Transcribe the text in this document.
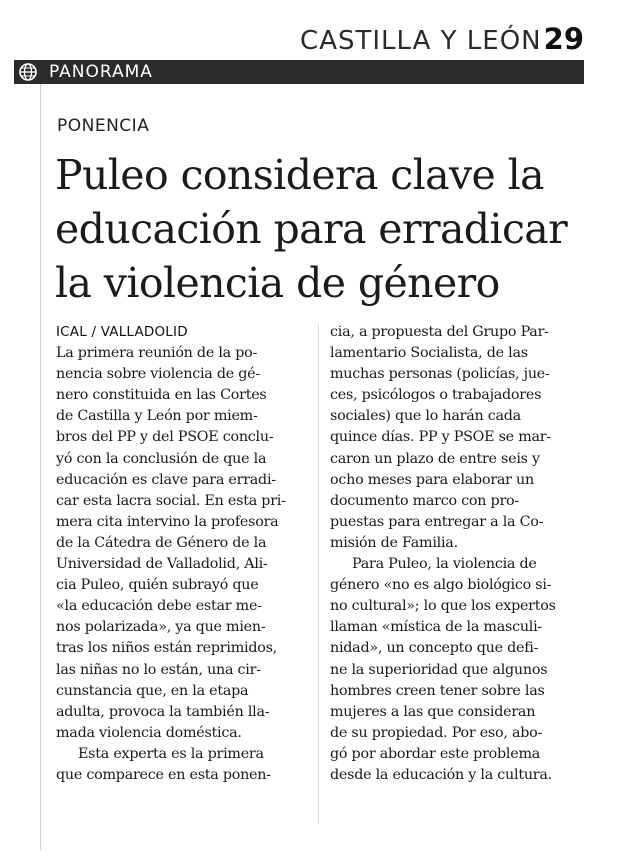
CASTILLA Y LEÓN 29
PANORAMA
PONENCIA
Puleo considera clave la
educación para erradicar
la violencia de género
ICAL / VALLADOLID
La primera reunión de la po-
nencia sobre violencia de gé-
nero constituida en las Cortes
de Castilla y León por miem-
bros del PP y del PSOE conclu-
yó con la conclusión de que la
educación es clave para erradi-
car esta lacra social. En esta pri-
mera cita intervino la profesora
de la Cátedra de Género de la
Universidad de Valladolid, Ali-
cia Puleo, quién subrayó que
«la educación debe estar me-
nos polarizada», ya que mien-
tras los niños están reprimidos,
las niñas no lo están, una cir-
cunstancia que, en la etapa
adulta, provoca la también lla-
mada violencia doméstica.
Esta experta es la primera
que comparece en esta ponen-
cia, a propuesta del Grupo Par-
lamentario Socialista, de las
muchas personas (policías, jue-
ces, psicólogos o trabajadores
sociales) que lo harán cada
quince días. PP y PSOE se mar-
caron un plazo de entre seis y
ocho meses para elaborar un
documento marco con pro-
puestas para entregar a la Co-
misión de Familia.
Para Puleo, la violencia de
género «no es algo biológico si-
no cultural»; lo que los expertos
llaman «mística de la masculi-
nidad», un concepto que defi-
ne la superioridad que algunos
hombres creen tener sobre las
mujeres a las que consideran
de su propiedad. Por eso, abo-
gó por abordar este problema
desde la educación y la cultura.
